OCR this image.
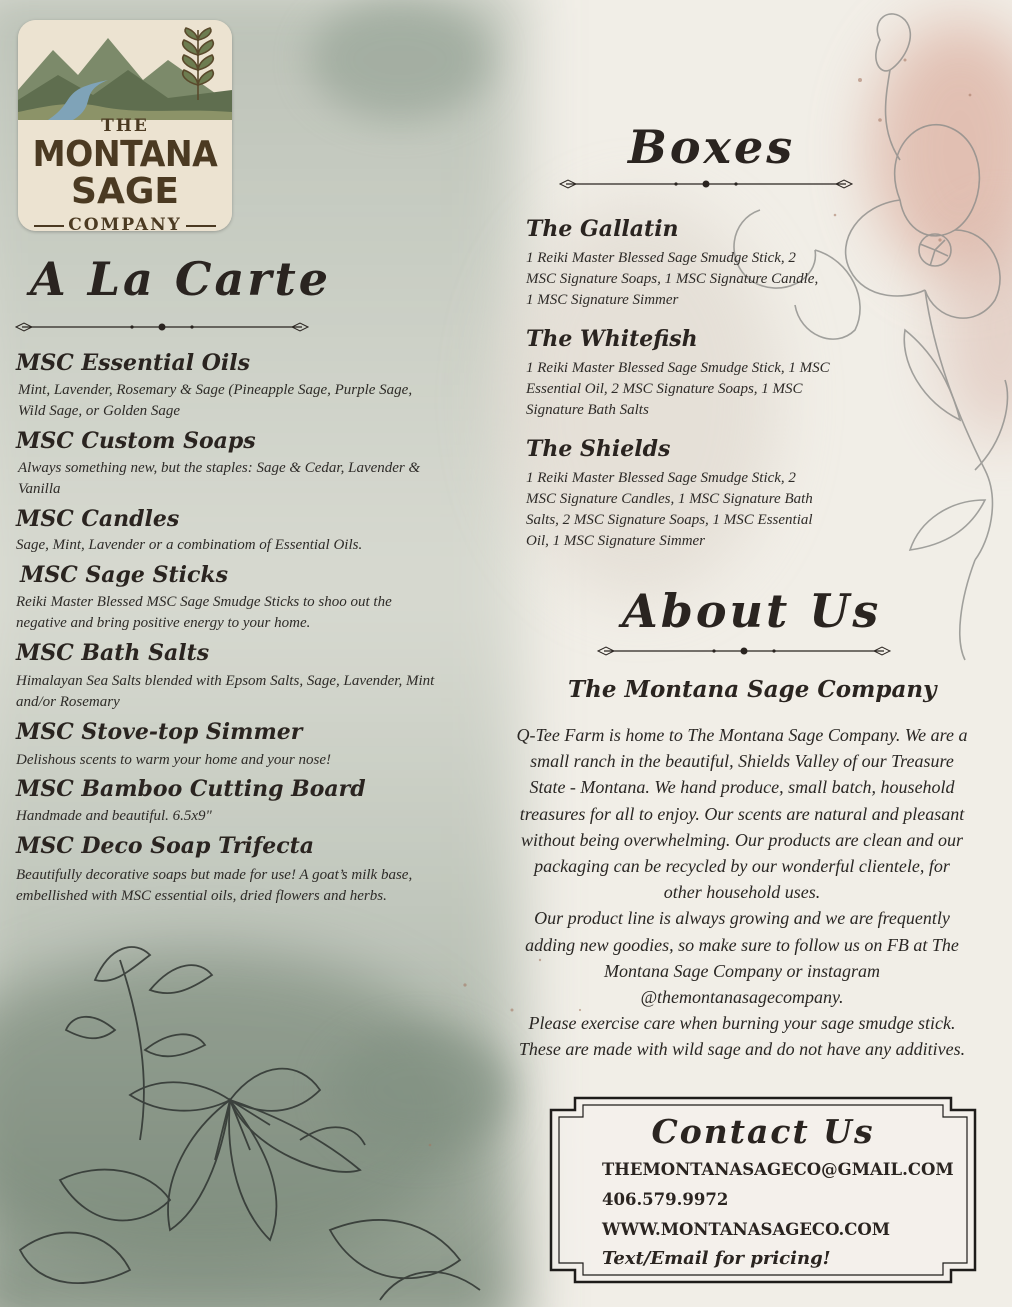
THE
MONTANA
SAGE
COMPANY
A La Carte
MSC Essential Oils
Mint, Lavender, Rosemary & Sage (Pineapple Sage, Purple Sage, Wild Sage, or Golden Sage
MSC Custom Soaps
Always something new, but the staples: Sage & Cedar, Lavender & Vanilla
MSC Candles
Sage, Mint, Lavender or a combinatiom of Essential Oils.
MSC Sage Sticks
Reiki Master Blessed MSC Sage Smudge Sticks to shoo out the negative and bring positive energy to your home.
MSC Bath Salts
Himalayan Sea Salts blended with Epsom Salts, Sage, Lavender, Mint and/or Rosemary
MSC Stove-top Simmer
Delishous scents to warm your home and your nose!
MSC Bamboo Cutting Board
Handmade and beautiful. 6.5x9"
MSC Deco Soap Trifecta
Beautifully decorative soaps but made for use! A goat’s milk base, embellished with MSC essential oils, dried flowers and herbs.
Boxes
The Gallatin
1 Reiki Master Blessed Sage Smudge Stick, 2 MSC Signature Soaps, 1 MSC Signature Candle, 1 MSC Signature Simmer
The Whitefish
1 Reiki Master Blessed Sage Smudge Stick, 1 MSC Essential Oil, 2 MSC Signature Soaps, 1 MSC Signature Bath Salts
The Shields
1 Reiki Master Blessed Sage Smudge Stick, 2 MSC Signature Candles, 1 MSC Signature Bath Salts, 2 MSC Signature Soaps, 1 MSC Essential Oil, 1 MSC Signature Simmer
About Us
The Montana Sage Company

Q-Tee Farm is home to The Montana Sage Company. We are a small ranch in the beautiful, Shields Valley of our Treasure State - Montana. We hand produce, small batch, household treasures for all to enjoy. Our scents are natural and pleasant without being overwhelming. Our products are clean and our packaging can be recycled by our wonderful clientele, for other household uses.

Our product line is always growing and we are frequently adding new goodies, so make sure to follow us on FB at The Montana Sage Company or instagram @themontanasagecompany.

Please exercise care when burning your sage smudge stick. These are made with wild sage and do not have any additives.

Contact Us
THEMONTANASAGECO@GMAIL.COM
406.579.9972
WWW.MONTANASAGECO.COM
Text/Email for pricing!
